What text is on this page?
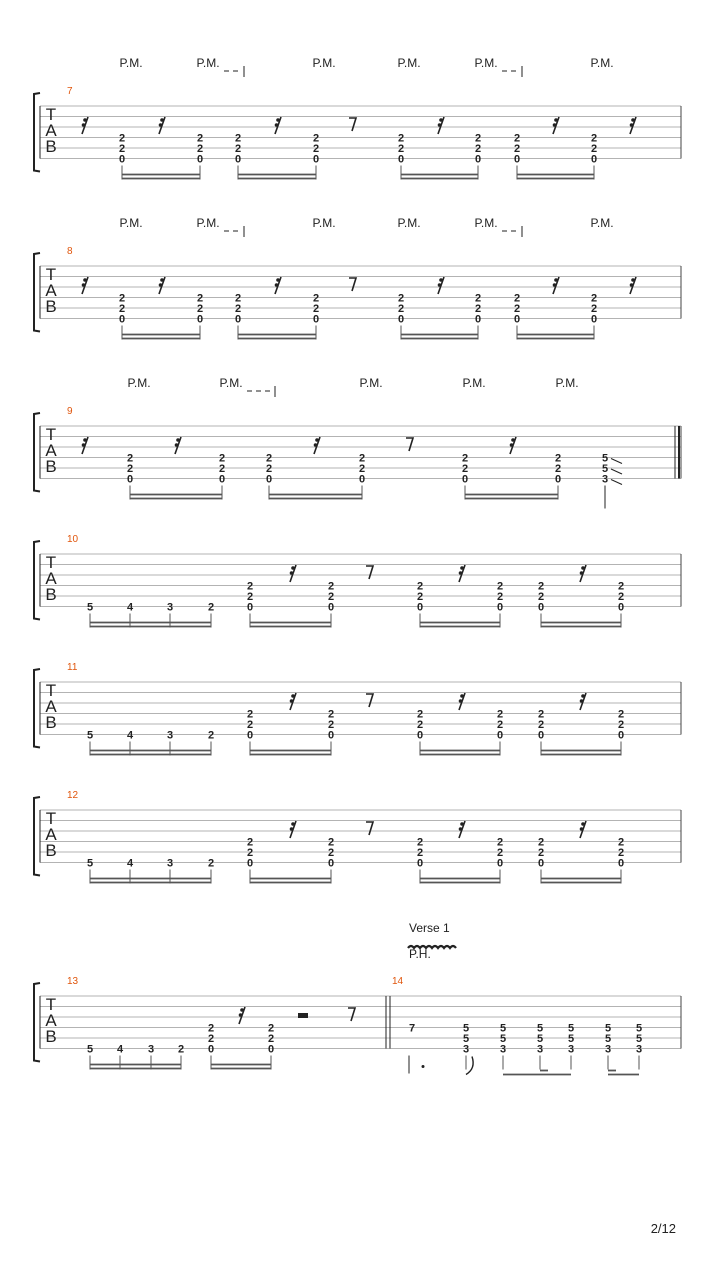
T
A
B
7
P.M.	P.M.	P.M.	P.M.	P.M.	P.M.
2
2
0
2
2
0
2
2
0
2
2
0
2
2
0
2
2
0
2
2
0
2
2
0
T
A
B
8
P.M.	P.M.	P.M.	P.M.	P.M.	P.M.
2
2
0
2
2
0
2
2
0
2
2
0
2
2
0
2
2
0
2
2
0
2
2
0
T
A
B
9
P.M.	P.M.	P.M.	P.M.	P.M.
2
2
0
2
2
0
2
2
0
2
2
0
2
2
0
2
2
0
5
5
3
T
A
B
10
5	4	3	2
2
2
0
2
2
0
2
2
0
2
2
0
2
2
0
2
2
0
T
A
B
11
5	4	3	2
2
2
0
2
2
0
2
2
0
2
2
0
2
2
0
2
2
0
T
A
B
12
5	4	3	2
2
2
0
2
2
0
2
2
0
2
2
0
2
2
0
2
2
0
T
A
B
13
5 4 3 2
2
2
0
2
2
0
14
Verse 1
P.H.
7	5
5
3
5
5
3
5
5
3
5
5
3
5
5
3
5
5
3
2/12
